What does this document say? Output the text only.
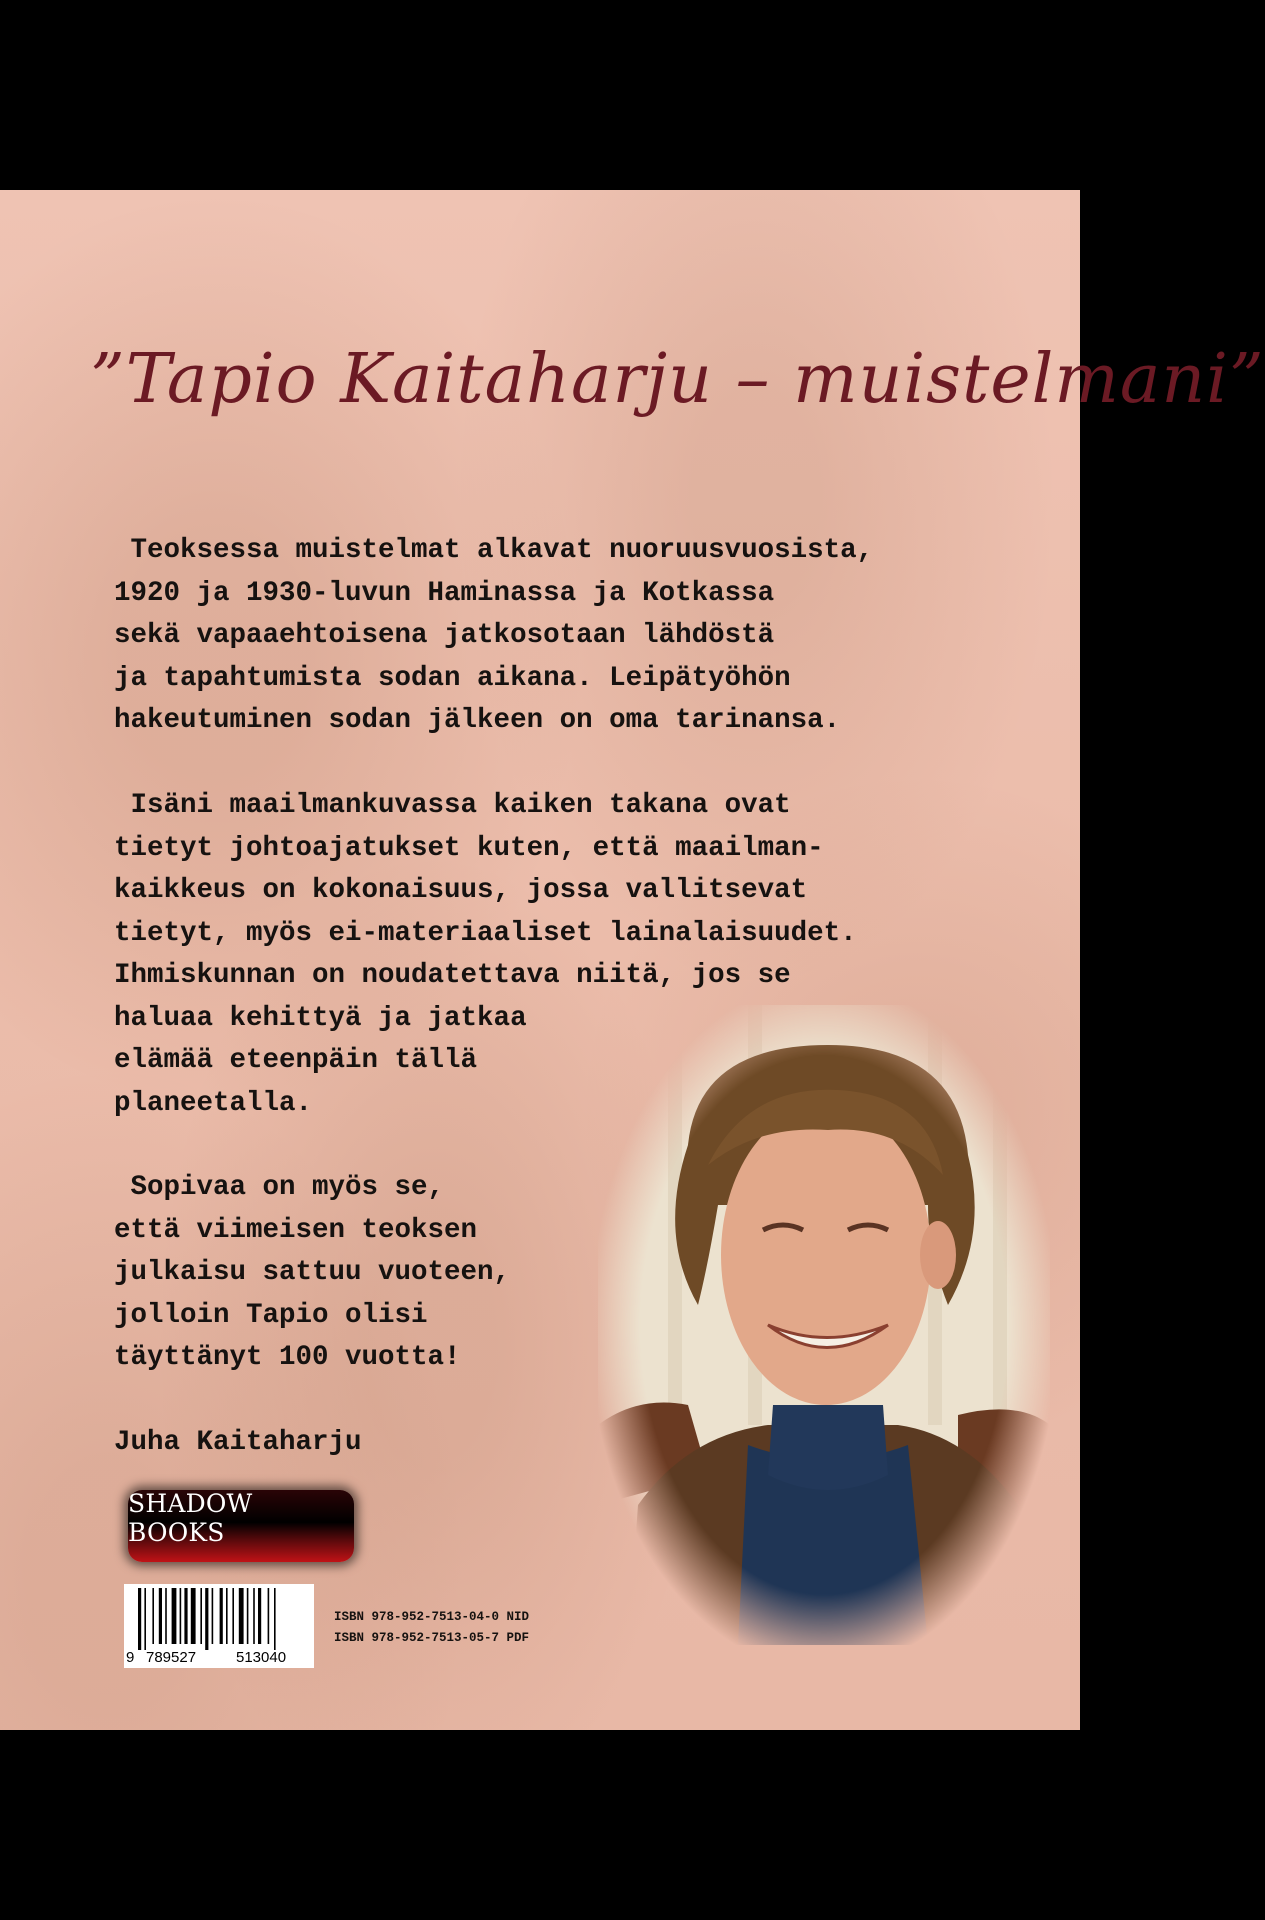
”Tapio Kaitaharju – muistelmani”
Teoksessa muistelmat alkavat nuoruusvuosista,
1920 ja 1930-luvun Haminassa ja Kotkassa
sekä vapaaehtoisena jatkosotaan lähdöstä
ja tapahtumista sodan aikana. Leipätyöhön
hakeutuminen sodan jälkeen on oma tarinansa.
Isäni maailmankuvassa kaiken takana ovat
tietyt johtoajatukset kuten, että maailman-
kaikkeus on kokonaisuus, jossa vallitsevat
tietyt, myös ei-materiaaliset lainalaisuudet.
Ihmiskunnan on noudatettava niitä, jos se
haluaa kehittyä ja jatkaa
elämää eteenpäin tällä
planeetalla.
Sopivaa on myös se,
että viimeisen teoksen
julkaisu sattuu vuoteen,
jolloin Tapio olisi
täyttänyt 100 vuotta!
Juha Kaitaharju
SHADOW BOOKS
9 789527	513040
ISBN 978-952-7513-04-0 NID
ISBN 978-952-7513-05-7 PDF
